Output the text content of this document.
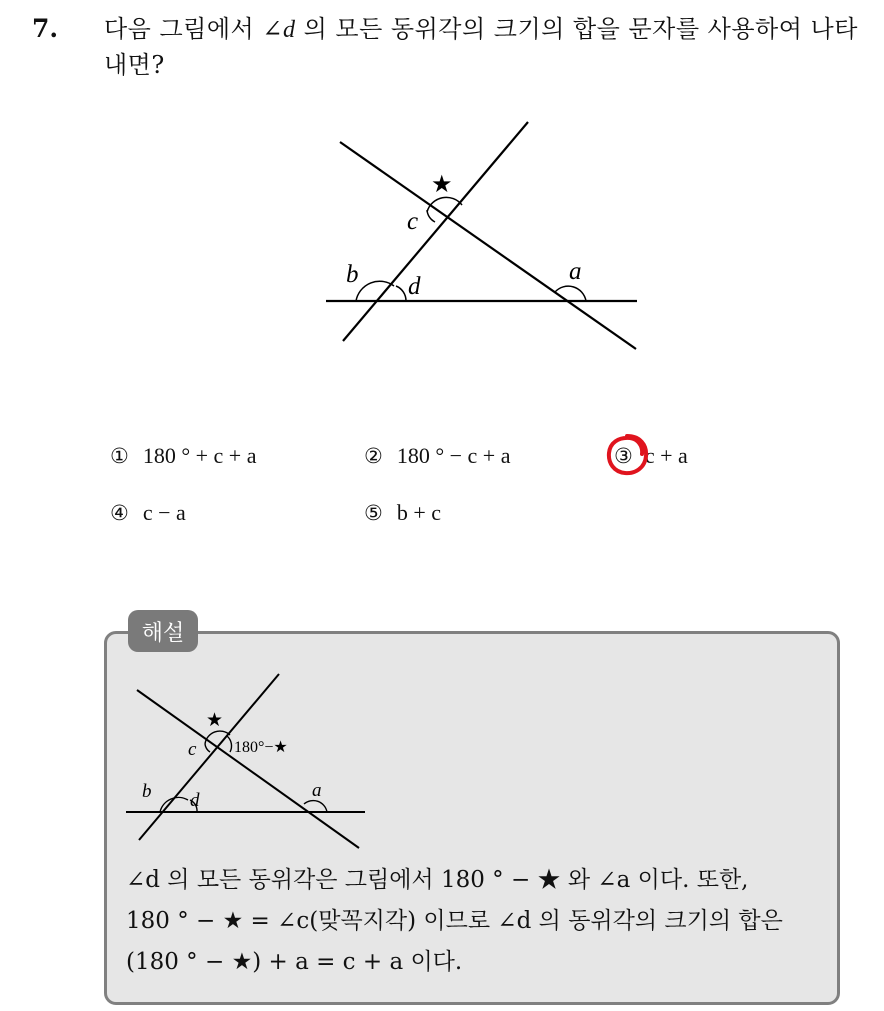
7. 다음 그림에서 ∠d 의 모든 동위각의 크기의 합을 문자를 사용하여 나타내면?
★
c
b d
a
① 180 ° + c + a	② 180 ° − c + a	③ c + a
④ c − a	⑤ b + c
해설
★
c 180°−★
b d	a
∠d 의 모든 동위각은 그림에서 180 ° − ★ 와 ∠a 이다. 또한,
180 ° − ★ = ∠c(맞꼭지각) 이므로 ∠d 의 동위각의 크기의 합은
(180 ° − ★) + a = c + a 이다.
